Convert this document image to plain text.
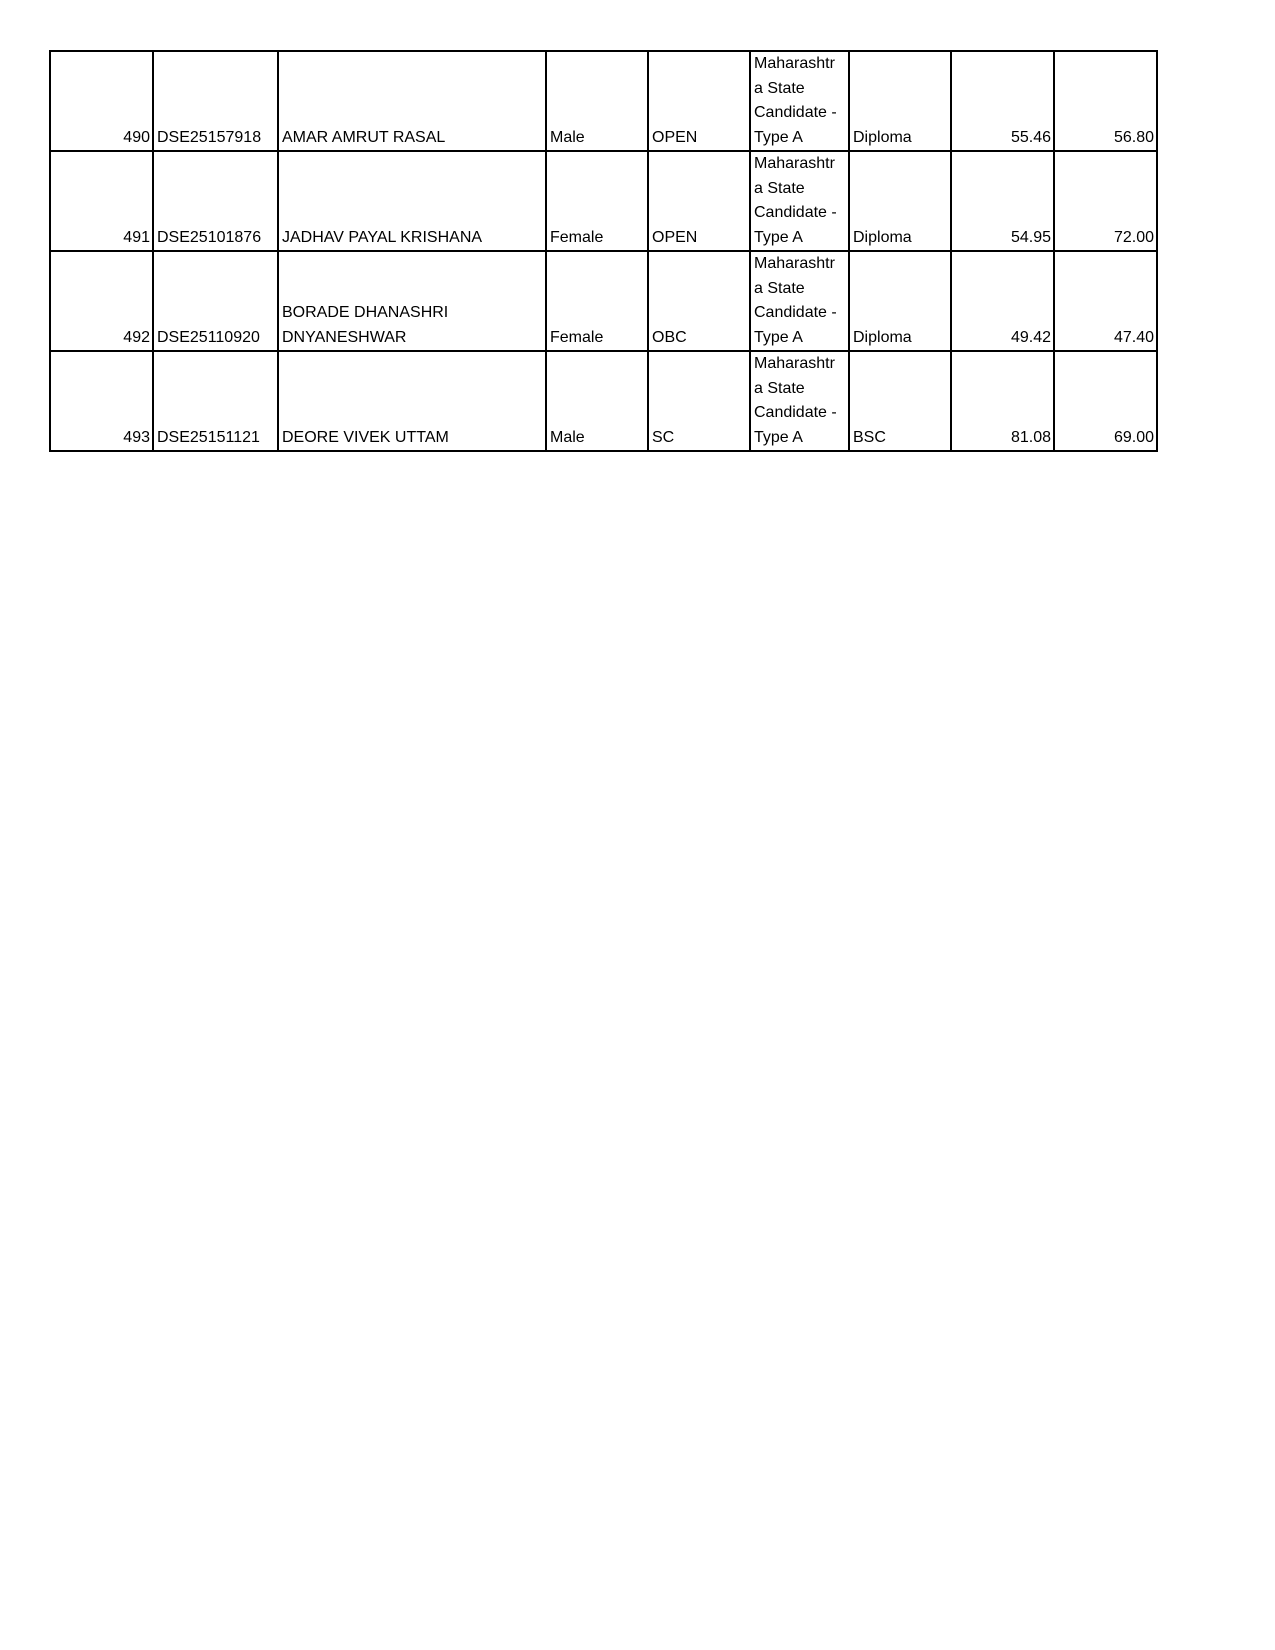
490	DSE25157918	AMAR AMRUT RASAL	Male	OPEN	Maharashtr
a State
Candidate -
Type A	Diploma	55.46	56.80
491	DSE25101876	JADHAV PAYAL KRISHANA	Female	OPEN	Maharashtr
a State
Candidate -
Type A	Diploma	54.95	72.00
492	DSE25110920	BORADE DHANASHRI
DNYANESHWAR	Female	OBC	Maharashtr
a State
Candidate -
Type A	Diploma	49.42	47.40
493	DSE25151121	DEORE VIVEK UTTAM	Male	SC	Maharashtr
a State
Candidate -
Type A	BSC	81.08	69.00
